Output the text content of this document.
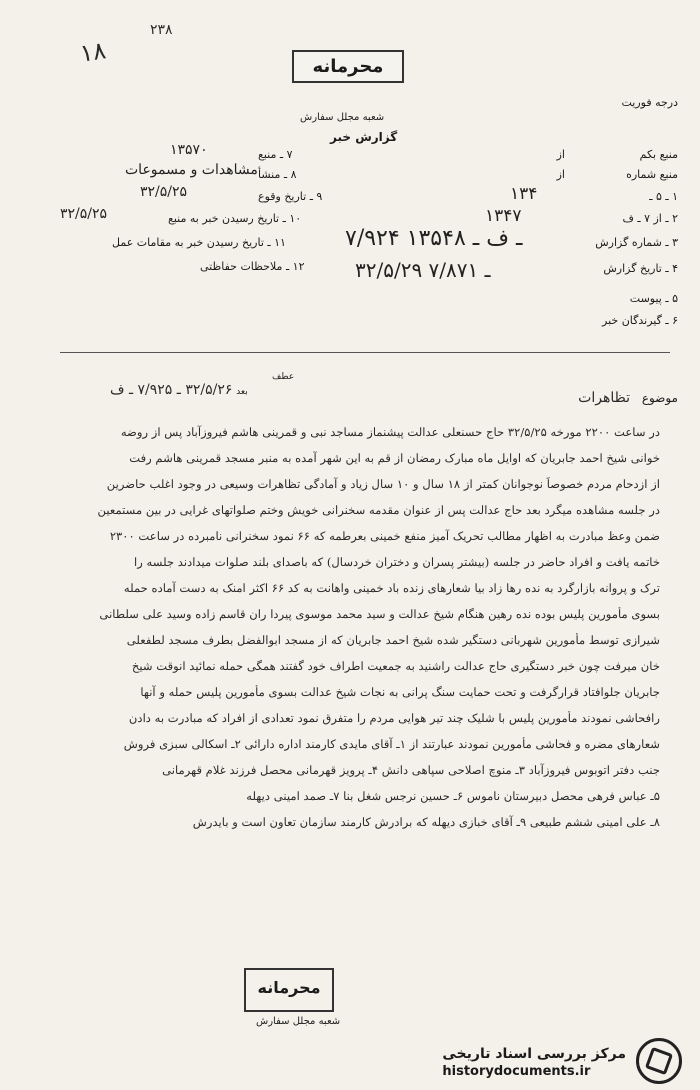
۱۸
۲۳۸
محرمانه
شعبه مجلل سفارش
درجه فوریت
گزارش خبر
منبع بکم
از
منبع شماره
از
۱ ـ ۵ ـ
۱۳۴
۲ ـ از ۷ ـ ف
۱۳۴۷
۳ ـ شماره گزارش
۷/۹۲۴ ـ ف ـ ۱۳۵۴۸
۴ ـ تاریخ گزارش
۳۲/۵/۲۹ ـ ۷/۸۷۱
۵ ـ پیوست
۶ ـ گیرندگان خبر
۷ ـ منبع
۱۳۵۷۰
۸ ـ منشأ
مشاهدات و مسموعات
۹ ـ تاریخ وقوع
۳۲/۵/۲۵
۱۰ ـ تاریخ رسیدن خبر به منبع
۳۲/۵/۲۵
۱۱ ـ تاریخ رسیدن خبر به مقامات عمل
۱۲ ـ ملاحظات حفاظتی
بعد ۳۲/۵/۲۶ ـ ۷/۹۲۵ ـ ف
عطف
موضوع تظاهرات
در ساعت ۲۲۰۰ مورخه ۳۲/۵/۲۵ حاج حسنعلی عدالت پیشنماز مساجد نبی و قمرینی هاشم فیروزآباد پس از روضه
خوانی شیخ احمد جابریان که اوایل ماه مبارک رمضان از قم به این شهر آمده به منبر مسجد قمرینی هاشم رفت
از ازدحام مردم خصوصاً نوجوانان کمتر از ۱۸ سال و ۱۰ سال زیاد و آمادگی تظاهرات وسیعی در وجود اغلب حاضرین
در جلسه مشاهده میگرد بعد حاج عدالت پس از عنوان مقدمه سخنرانی خویش وختم صلواتهای غرایی در بین مستمعین
ضمن وعظ مبادرت به اظهار مطالب تحریک آمیز منفع خمینی بعرطمه که ۶۶ نمود سخنرانی نامبرده در ساعت ۲۳۰۰
خاتمه یافت و افراد حاضر در جلسه (بیشتر پسران و دختران خردسال) که باصدای بلند صلوات میدادند جلسه را
ترک و پروانه بازارگرد به نده رها زاد بیا شعارهای زنده باد خمینی واهانت به کد ۶۶ اکثر امنک به دست آماده حمله
بسوی مأمورین پلیس بوده نده رهین هنگام شیخ عدالت و سید محمد موسوی پیردا ران قاسم زاده وسید علی سلطانی
شیرازی توسط مأمورین شهربانی دستگیر شده شیخ احمد جابریان که از مسجد ابوالفضل بطرف مسجد لطفعلی
خان میرفت چون خبر دستگیری حاج عدالت راشنید به جمعیت اطراف خود گفتند همگی حمله نمائید انوقت شیخ
جابریان جلوافتاد قرارگرفت و تحت حمایت سنگ پرانی به نجات شیخ عدالت بسوی مأمورین پلیس حمله و آنها
رافحاشی نمودند مأمورین پلیس با شلیک چند تیر هوایی مردم را متفرق نمود تعدادی از افراد که مبادرت به دادن
شعارهای مضره و فحاشی مأمورین نمودند عبارتند از ۱ـ آقای مایدی کارمند اداره دارائی ۲ـ اسکالی سبزی فروش
جنب دفتر اتوبوس فیروزآباد ۳ـ منوچ اصلاحی سپاهی دانش ۴ـ پرویز قهرمانی محصل فرزند غلام قهرمانی
۵ـ عباس فرهی محصل دبیرستان ناموس ۶ـ حسین نرجس شغل بنا ۷ـ صمد امینی دیهله
۸ـ علی امینی ششم طبیعی ۹ـ آقای خبازی دیهله که برادرش کارمند سازمان تعاون است و بایدرش
محرمانه
شعبه مجلل سفارش
مرکز بررسی اسناد تاریخی
historydocuments.ir
